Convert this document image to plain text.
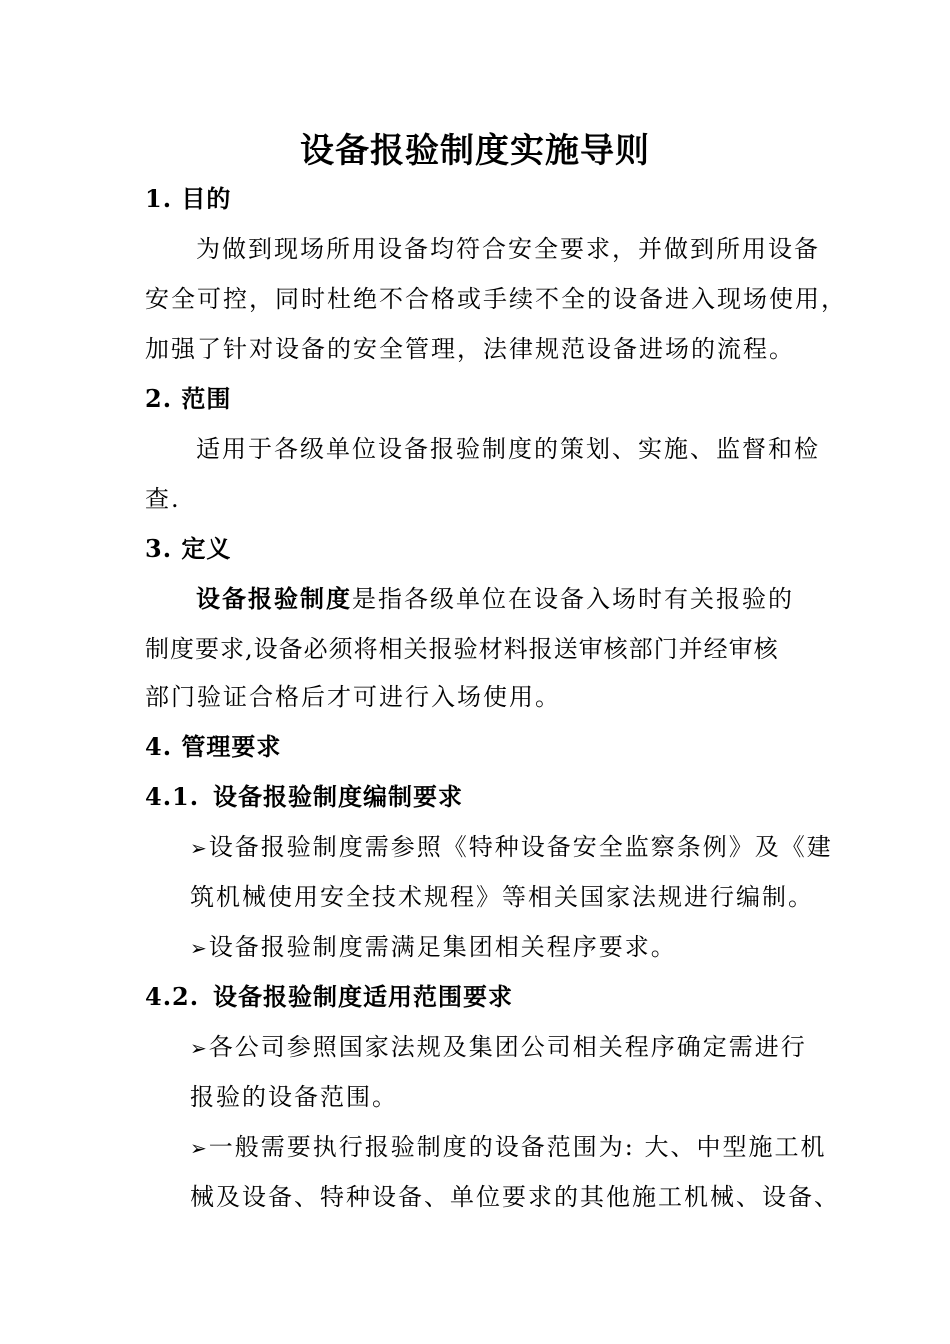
设备报验制度实施导则
1. 目的
为做到现场所用设备均符合安全要求，并做到所用设备
安全可控，同时杜绝不合格或手续不全的设备进入现场使用，
加强了针对设备的安全管理，法律规范设备进场的流程。
2. 范围
适用于各级单位设备报验制度的策划、实施、监督和检
查.
3. 定义
设备报验制度是指各级单位在设备入场时有关报验的
制度要求,设备必须将相关报验材料报送审核部门并经审核
部门验证合格后才可进行入场使用。
4. 管理要求
4.1. 设备报验制度编制要求
➢设备报验制度需参照《特种设备安全监察条例》及《建
筑机械使用安全技术规程》等相关国家法规进行编制。
➢设备报验制度需满足集团相关程序要求。
4.2. 设备报验制度适用范围要求
➢各公司参照国家法规及集团公司相关程序确定需进行
报验的设备范围。
➢一般需要执行报验制度的设备范围为: 大、中型施工机
械及设备、特种设备、单位要求的其他施工机械、设备、
